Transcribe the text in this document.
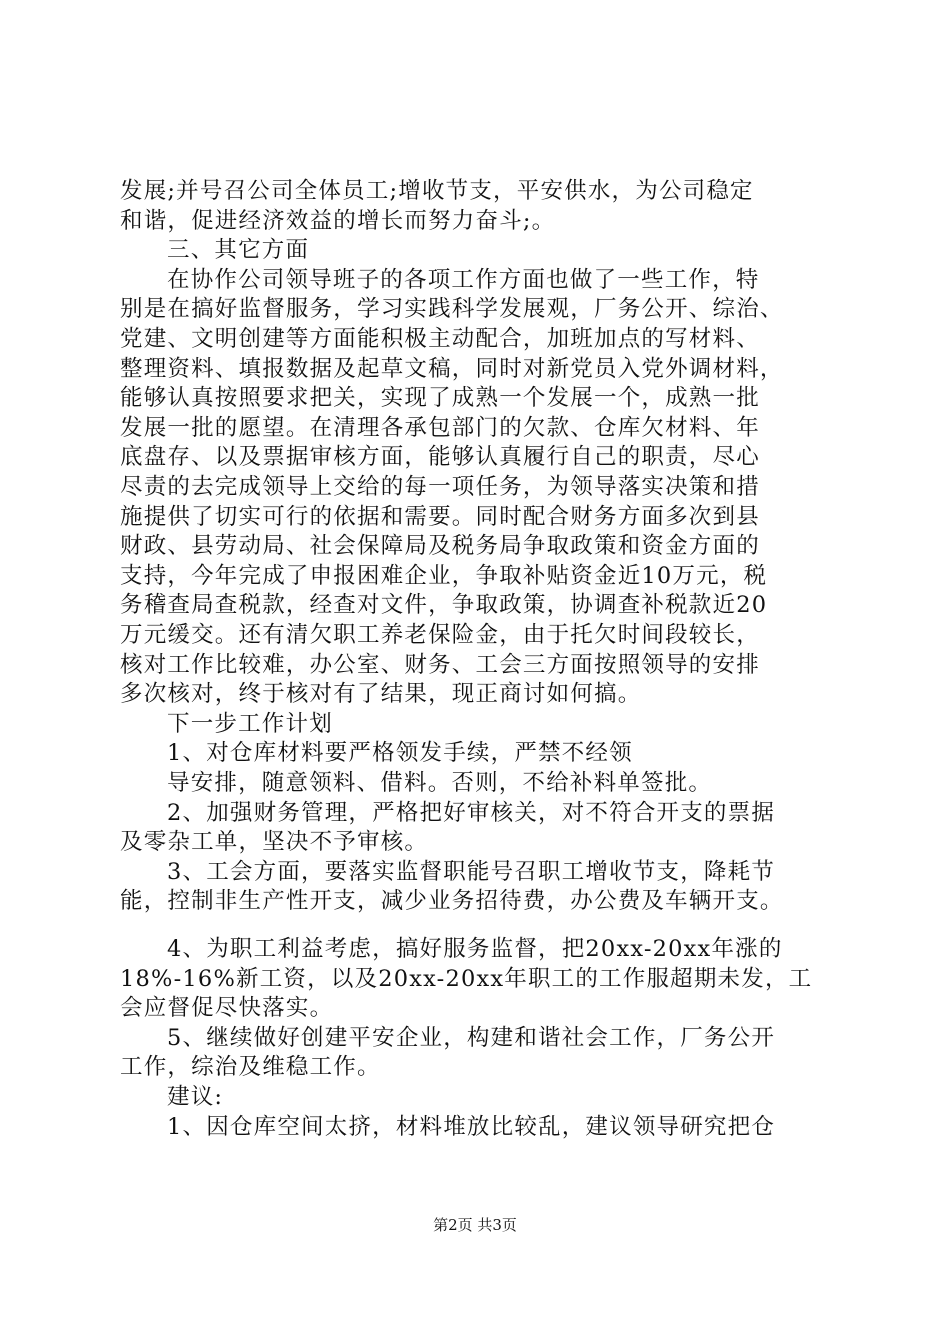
发展;并号召公司全体员工;增收节支，平安供水，为公司稳定
和谐，促进经济效益的增长而努力奋斗;。
三、其它方面
在协作公司领导班子的各项工作方面也做了一些工作，特
别是在搞好监督服务，学习实践科学发展观，厂务公开、综治、
党建、文明创建等方面能积极主动配合，加班加点的写材料、
整理资料、填报数据及起草文稿，同时对新党员入党外调材料，
能够认真按照要求把关，实现了成熟一个发展一个，成熟一批
发展一批的愿望。在清理各承包部门的欠款、仓库欠材料、年
底盘存、以及票据审核方面，能够认真履行自己的职责，尽心
尽责的去完成领导上交给的每一项任务，为领导落实决策和措
施提供了切实可行的依据和需要。同时配合财务方面多次到县
财政、县劳动局、社会保障局及税务局争取政策和资金方面的
支持，今年完成了申报困难企业，争取补贴资金近10万元，税
务稽查局查税款，经查对文件，争取政策，协调查补税款近20
万元缓交。还有清欠职工养老保险金，由于托欠时间段较长，
核对工作比较难，办公室、财务、工会三方面按照领导的安排
多次核对，终于核对有了结果，现正商讨如何搞。
下一步工作计划
1、对仓库材料要严格领发手续，严禁不经领
导安排，随意领料、借料。否则，不给补料单签批。
2、加强财务管理，严格把好审核关，对不符合开支的票据
及零杂工单，坚决不予审核。
3、工会方面，要落实监督职能号召职工增收节支，降耗节
能，控制非生产性开支，减少业务招待费，办公费及车辆开支。
4、为职工利益考虑，搞好服务监督，把20xx-20xx年涨的
18%-16%新工资，以及20xx-20xx年职工的工作服超期未发，工
会应督促尽快落实。
5、继续做好创建平安企业，构建和谐社会工作，厂务公开
工作，综治及维稳工作。
建议:
1、因仓库空间太挤，材料堆放比较乱，建议领导研究把仓
第2页 共3页
